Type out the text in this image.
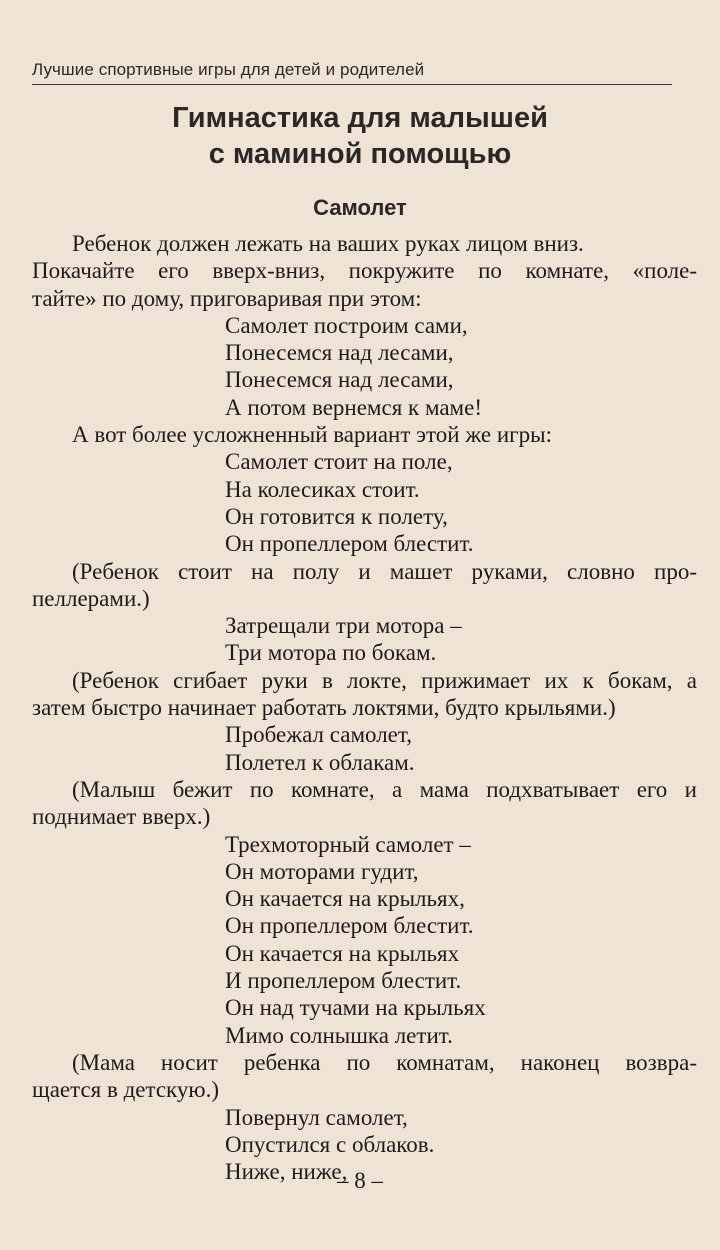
Лучшие спортивные игры для детей и родителей
Гимнастика для малышей
с маминой помощью
Самолет
Ребенок должен лежать на ваших руках лицом вниз.
Покачайте его вверх-вниз, покружите по комнате, «поле-
тайте» по дому, приговаривая при этом:
Самолет построим сами,
Понесемся над лесами,
Понесемся над лесами,
А потом вернемся к маме!
А вот более усложненный вариант этой же игры:
Самолет стоит на поле,
На колесиках стоит.
Он готовится к полету,
Он пропеллером блестит.
(Ребенок стоит на полу и машет руками, словно про-
пеллерами.)
Затрещали три мотора –
Три мотора по бокам.
(Ребенок сгибает руки в локте, прижимает их к бокам, а
затем быстро начинает работать локтями, будто крыльями.)
Пробежал самолет,
Полетел к облакам.
(Малыш бежит по комнате, а мама подхватывает его и
поднимает вверх.)
Трехмоторный самолет –
Он моторами гудит,
Он качается на крыльях,
Он пропеллером блестит.
Он качается на крыльях
И пропеллером блестит.
Он над тучами на крыльях
Мимо солнышка летит.
(Мама носит ребенка по комнатам, наконец возвра-
щается в детскую.)
Повернул самолет,
Опустился с облаков.
Ниже, ниже,
– 8 –
